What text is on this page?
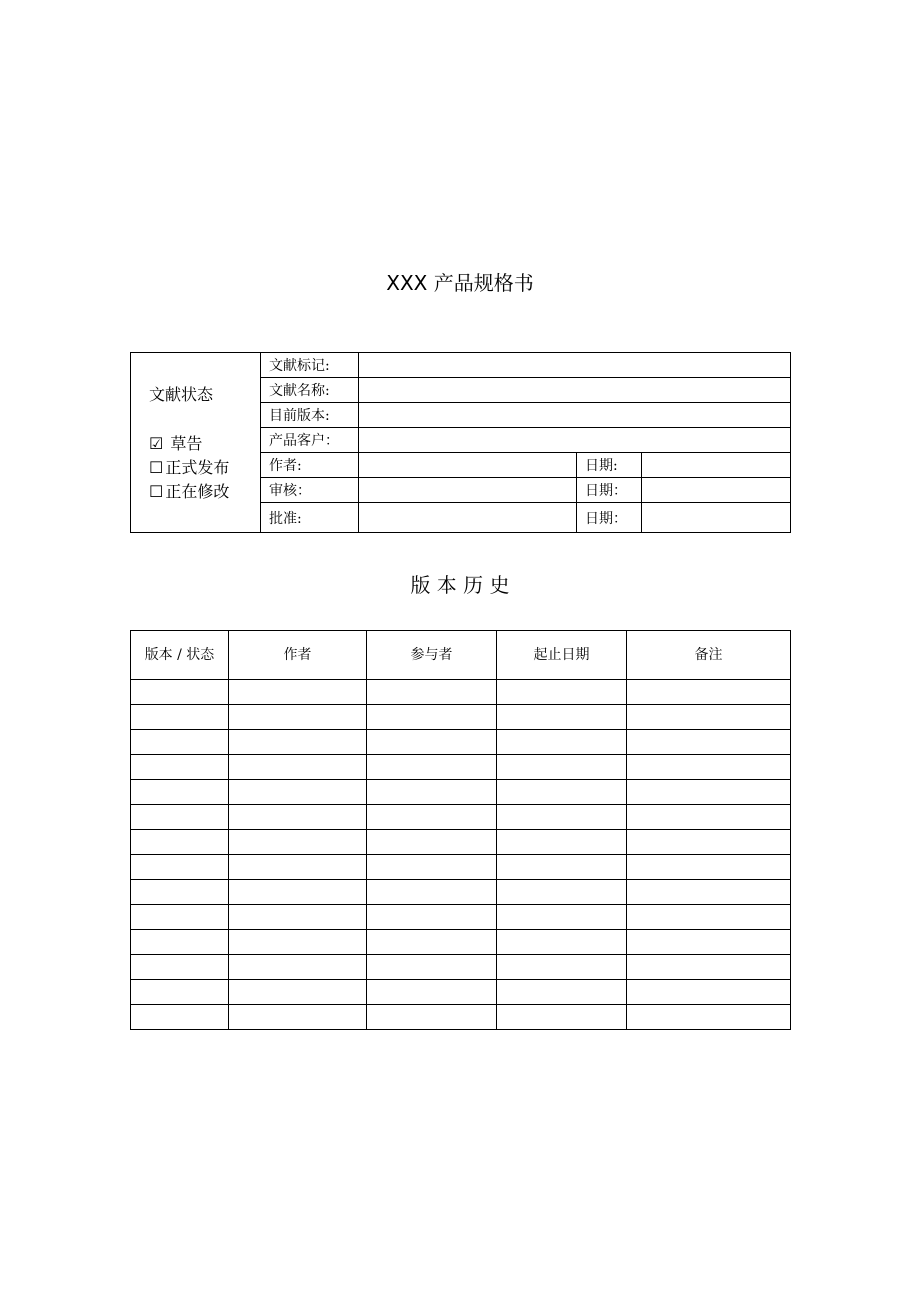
XXX 产品规格书
文献状态
☑ 草告
☐ 正式发布
☐ 正在修改	文献标记:			
	文献名称:			
	目前版本:			
	产品客户：			
	作者:		日期:	
	审核：		日期：	
	批准:		日期：	
版 本 历 史
版本 / 状态	作者	参与者	起止日期	备注
